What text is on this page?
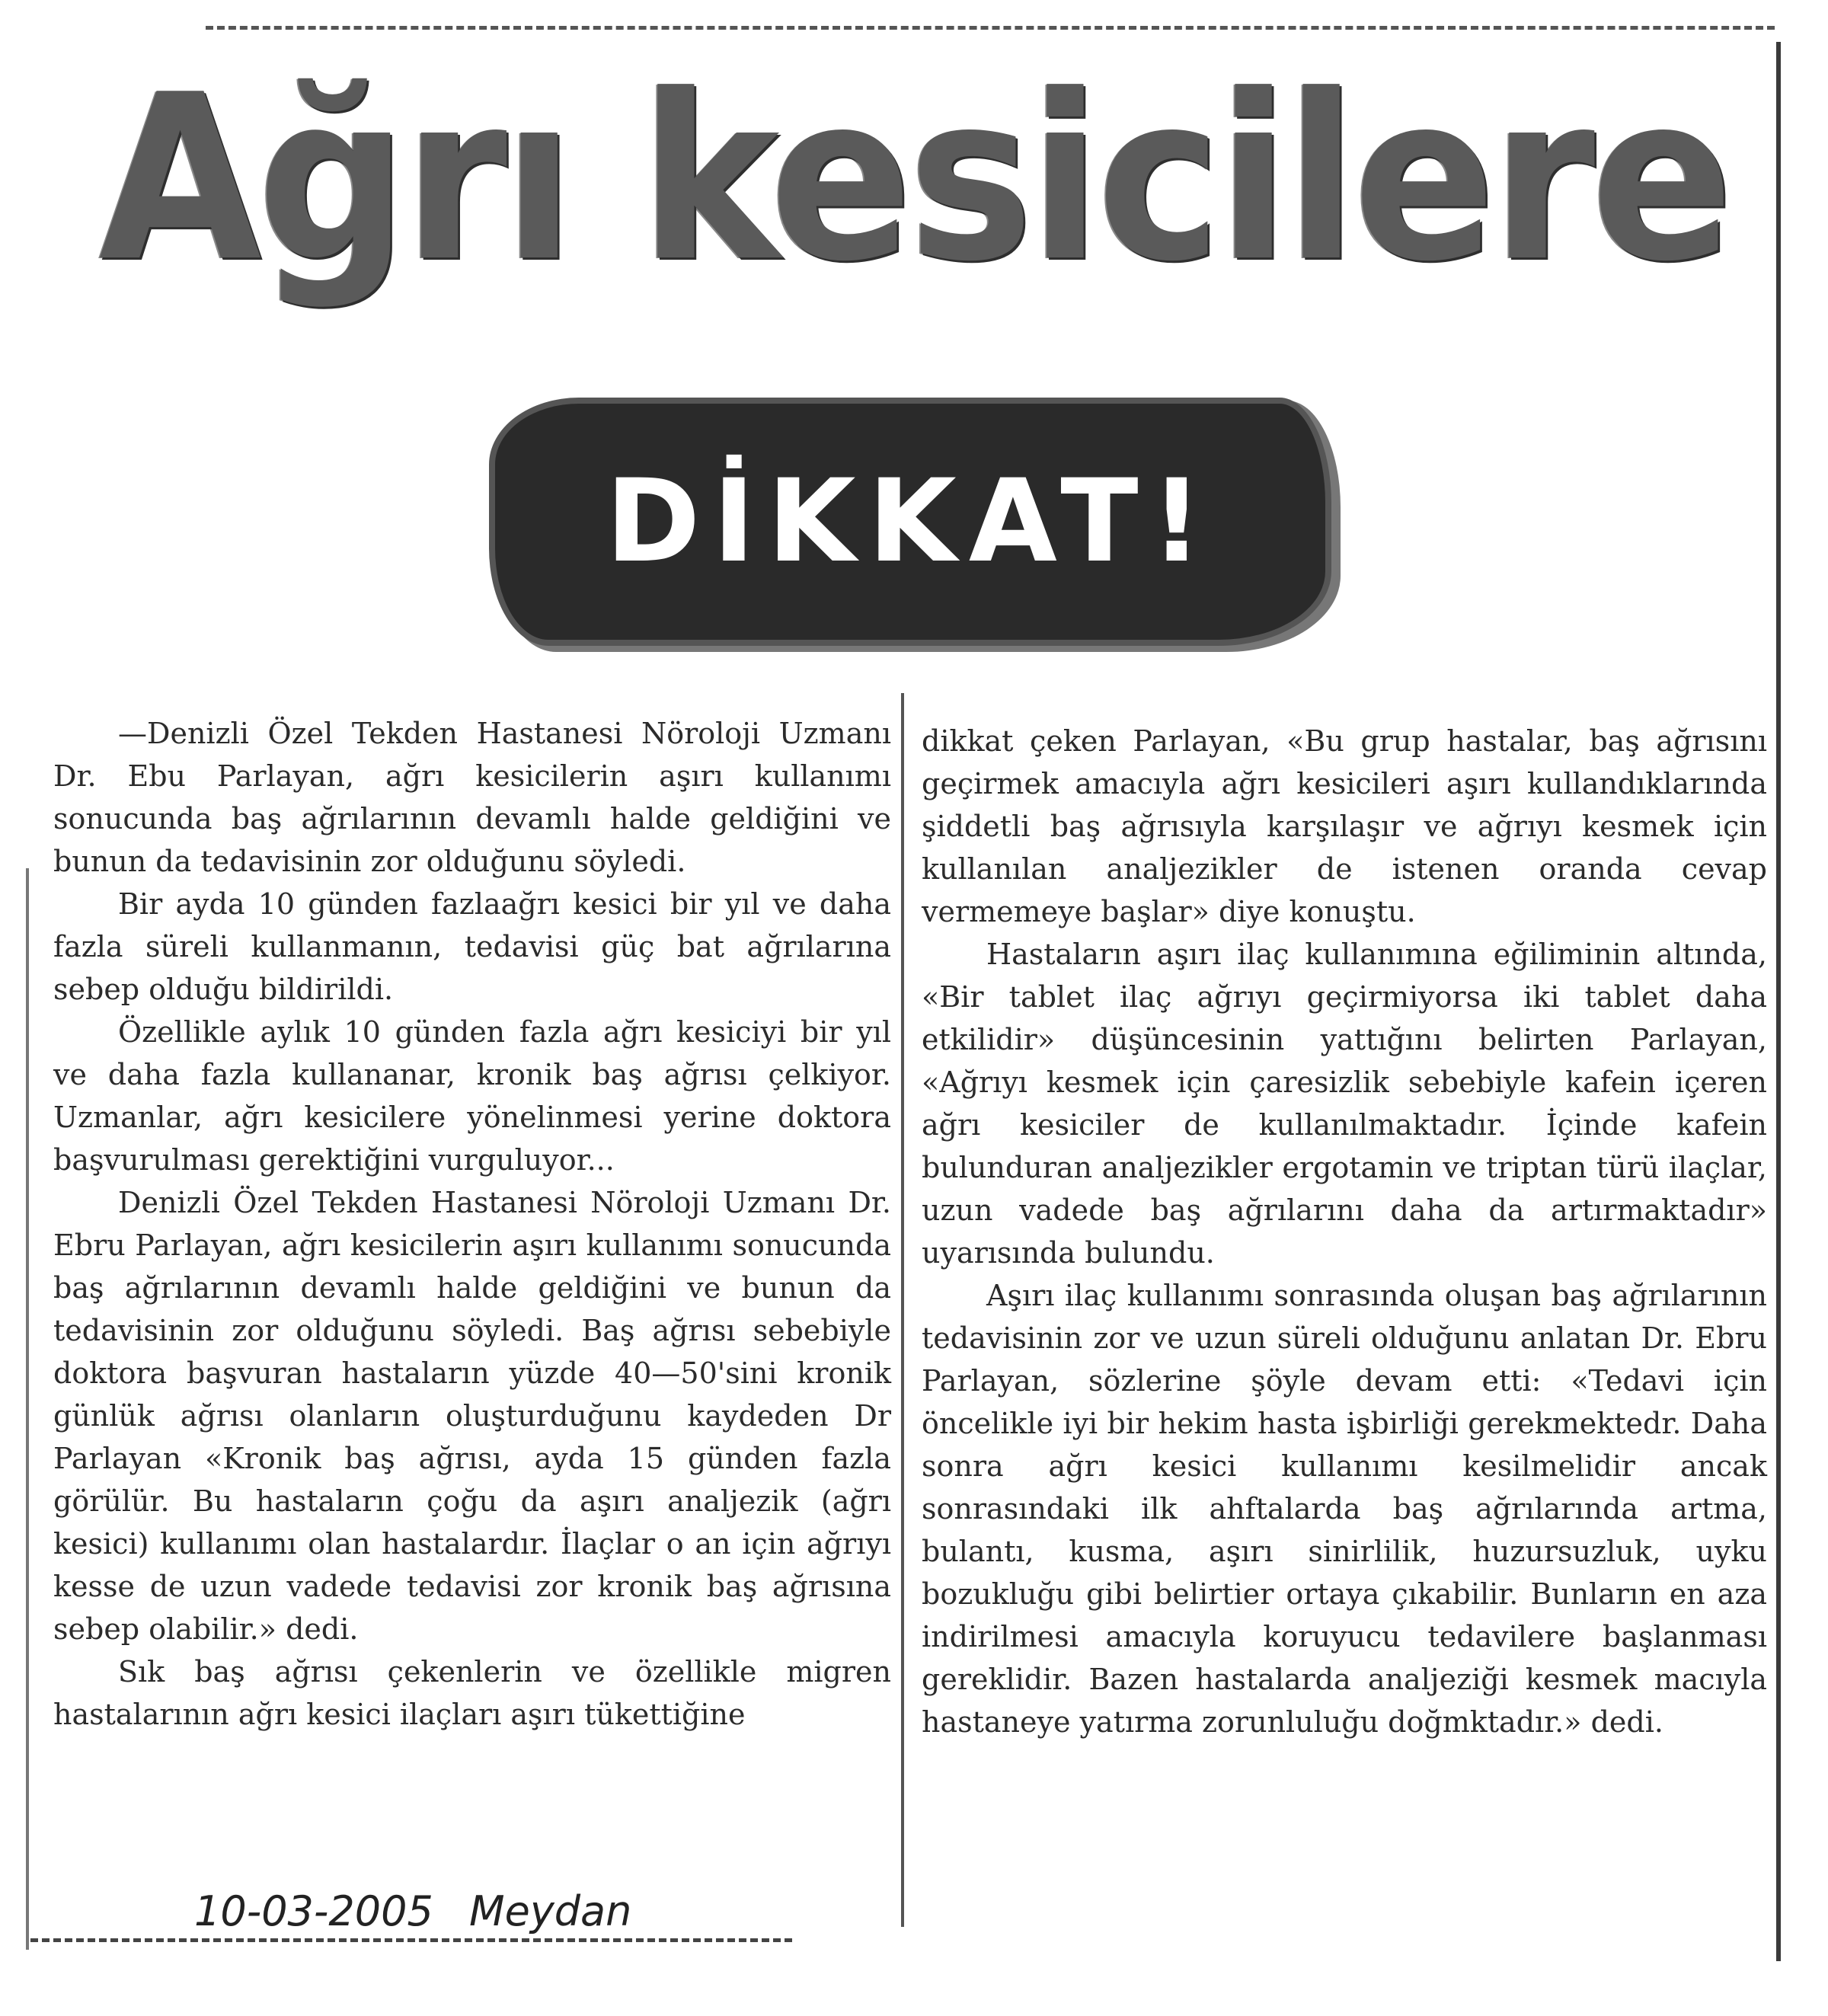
Ağrı kesicilere
DİKKAT!

—Denizli Özel Tekden Hastanesi Nöroloji Uzmanı Dr. Ebu Parlayan, ağrı kesicilerin aşırı kullanımı sonucunda baş ağrılarının devamlı halde geldiğini ve bunun da tedavisinin zor olduğunu söyledi.

Bir ayda 10 günden fazlaağrı kesici bir yıl ve daha fazla süreli kullanmanın, tedavisi güç bat ağrılarına sebep olduğu bildirildi.

Özellikle aylık 10 günden fazla ağrı kesiciyi bir yıl ve daha fazla kullananar, kronik baş ağrısı çelkiyor. Uzmanlar, ağrı kesicilere yönelinmesi yerine doktora başvurulması gerektiğini vurguluyor...

Denizli Özel Tekden Hastanesi Nöroloji Uzmanı Dr. Ebru Parlayan, ağrı kesicilerin aşırı kullanımı sonucunda baş ağrılarının devamlı halde geldiğini ve bunun da tedavisinin zor olduğunu söyledi. Baş ağrısı sebebiyle doktora başvuran hastaların yüzde 40—50'sini kronik günlük ağrısı olanların oluşturduğunu kaydeden Dr Parlayan «Kronik baş ağrısı, ayda 15 günden fazla görülür. Bu hastaların çoğu da aşırı analjezik (ağrı kesici) kullanımı olan hastalardır. İlaçlar o an için ağrıyı kesse de uzun vadede tedavisi zor kronik baş ağrısına sebep olabilir.» dedi.

Sık baş ağrısı çekenlerin ve özellikle migren hastalarının ağrı kesici ilaçları aşırı tükettiğine

dikkat çeken Parlayan, «Bu grup hastalar, baş ağrısını geçirmek amacıyla ağrı kesicileri aşırı kullandıklarında şiddetli baş ağrısıyla karşılaşır ve ağrıyı kesmek için kullanılan analjezikler de istenen oranda cevap vermemeye başlar» diye konuştu.

Hastaların aşırı ilaç kullanımına eğiliminin altında, «Bir tablet ilaç ağrıyı geçirmiyorsa iki tablet daha etkilidir» düşüncesinin yattığını belirten Parlayan, «Ağrıyı kesmek için çaresizlik sebebiyle kafein içeren ağrı kesiciler de kullanılmaktadır. İçinde kafein bulunduran analjezikler ergotamin ve triptan türü ilaçlar, uzun vadede baş ağrılarını daha da artırmaktadır» uyarısında bulundu.

Aşırı ilaç kullanımı sonrasında oluşan baş ağrılarının tedavisinin zor ve uzun süreli olduğunu anlatan Dr. Ebru Parlayan, sözlerine şöyle devam etti: «Tedavi için öncelikle iyi bir hekim hasta işbirliği gerekmektedr. Daha sonra ağrı kesici kullanımı kesilmelidir ancak sonrasındaki ilk ahftalarda baş ağrılarında artma, bulantı, kusma, aşırı sinirlilik, huzursuzluk, uyku bozukluğu gibi belirtier ortaya çıkabilir. Bunların en aza indirilmesi amacıyla koruyucu tedavilere başlanması gereklidir. Bazen hastalarda analjeziği kesmek macıyla hastaneye yatırma zorunluluğu doğmktadır.» dedi.

10-03-2005 Meydan
